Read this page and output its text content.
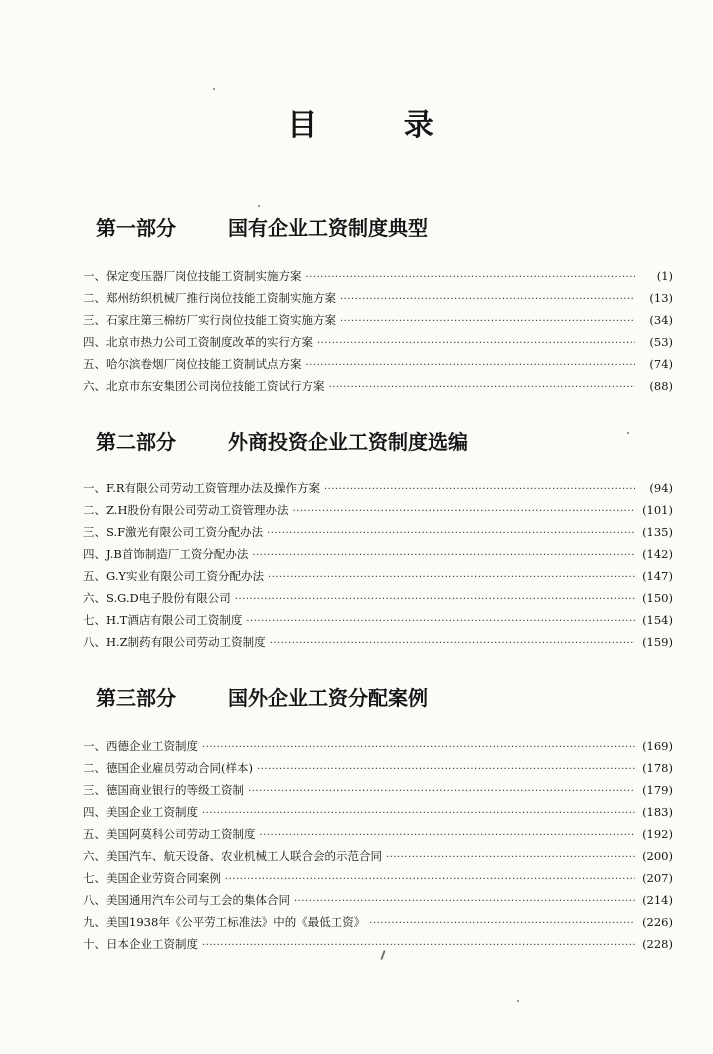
目 录
第一部分	国有企业工资制度典型
一、保定变压器厂岗位技能工资制实施方案 ·····	(1)
二、郑州纺织机械厂推行岗位技能工资制实施方案 ·····	(13)
三、石家庄第三棉纺厂实行岗位技能工资实施方案 ·····	(34)
四、北京市热力公司工资制度改革的实行方案 ·····	(53)
五、哈尔滨卷烟厂岗位技能工资制试点方案 ·····	(74)
六、北京市东安集团公司岗位技能工资试行方案 ·····	(88)
第二部分	外商投资企业工资制度选编
一、F.R有限公司劳动工资管理办法及操作方案 ·····	(94)
二、Z.H股份有限公司劳动工资管理办法 ·····	(101)
三、S.F激光有限公司工资分配办法 ·····	(135)
四、J.B首饰制造厂工资分配办法 ·····	(142)
五、G.Y实业有限公司工资分配办法 ·····	(147)
六、S.G.D电子股份有限公司 ·····	(150)
七、H.T酒店有限公司工资制度 ·····	(154)
八、H.Z制药有限公司劳动工资制度 ·····	(159)
第三部分	国外企业工资分配案例
一、西德企业工资制度 ·····	(169)
二、德国企业雇员劳动合同(样本) ·····	(178)
三、德国商业银行的等级工资制 ·····	(179)
四、美国企业工资制度 ·····	(183)
五、美国阿莫科公司劳动工资制度 ·····	(192)
六、美国汽车、航天设备、农业机械工人联合会的示范合同 ·····	(200)
七、美国企业劳资合同案例 ·····	(207)
八、美国通用汽车公司与工会的集体合同 ·····	(214)
九、美国1938年《公平劳工标准法》中的《最低工资》 ·····	(226)
十、日本企业工资制度 ·····	(228)
